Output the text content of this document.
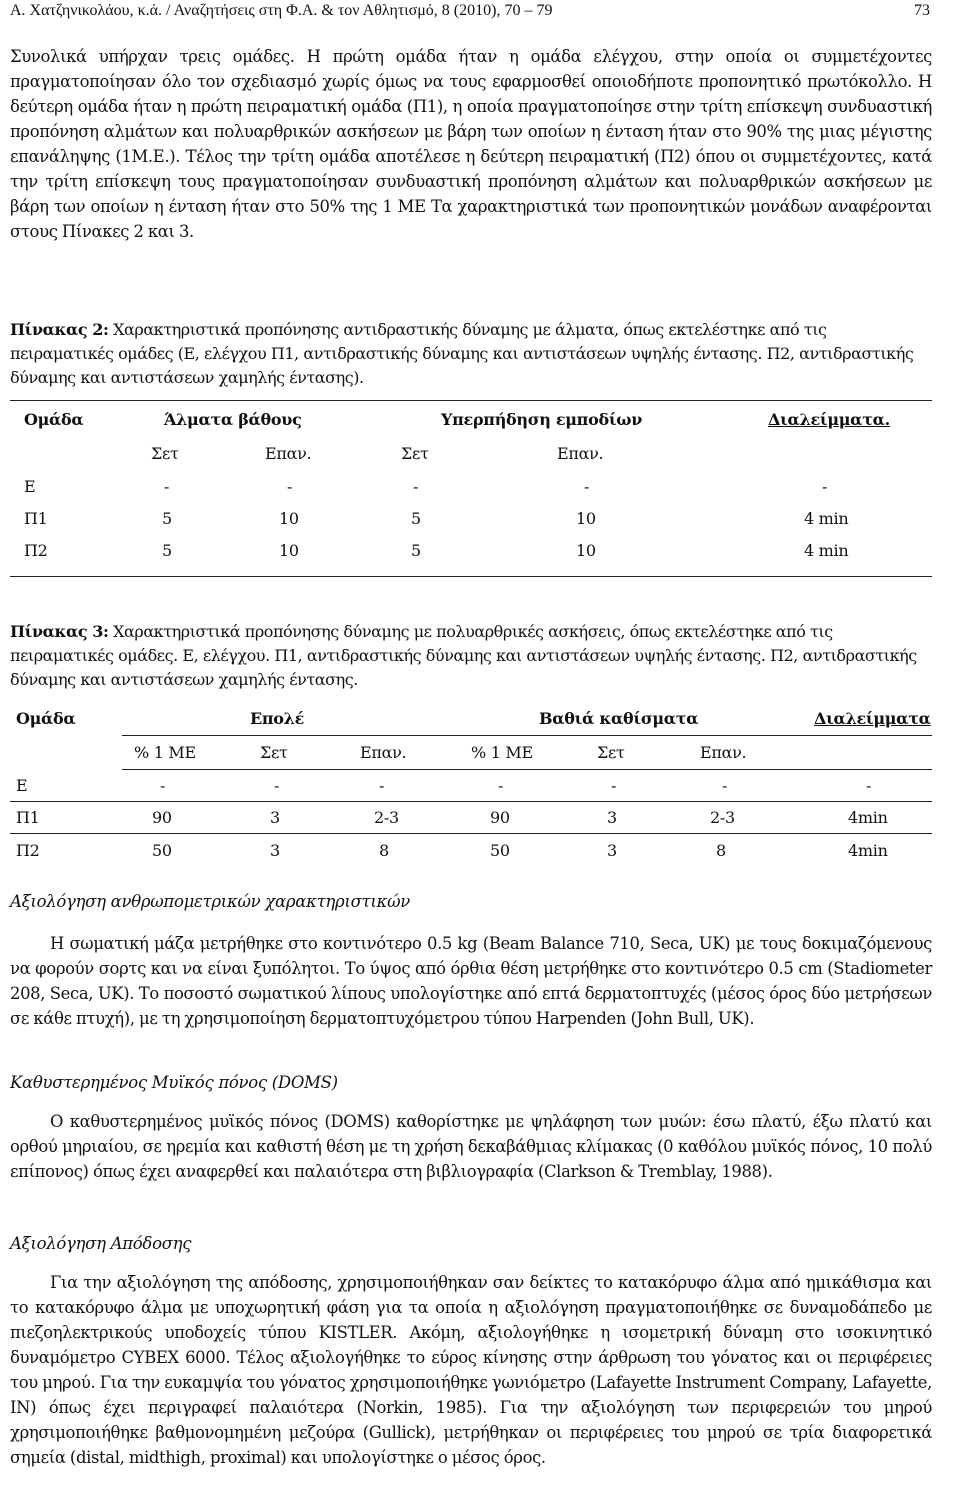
Α. Χατζηνικολάου, κ.ά. / Αναζητήσεις στη Φ.Α. & τον Αθλητισμό, 8 (2010), 70 – 79	73

Συνολικά υπήρχαν τρεις ομάδες. Η πρώτη ομάδα ήταν η ομάδα ελέγχου, στην οποία οι συμμετέχοντες πραγματοποίησαν όλο τον σχεδιασμό χωρίς όμως να τους εφαρμοσθεί οποιοδήποτε προπονητικό πρωτόκολλο. Η δεύτερη ομάδα ήταν η πρώτη πειραματική ομάδα (Π1), η οποία πραγματοποίησε στην τρίτη επίσκεψη συνδυαστική προπόνηση αλμάτων και πολυαρθρικών ασκήσεων με βάρη των οποίων η ένταση ήταν στο 90% της μιας μέγιστης επανάληψης (1Μ.Ε.). Τέλος την τρίτη ομάδα αποτέλεσε η δεύτερη πειραματική (Π2) όπου οι συμμετέχοντες, κατά την τρίτη επίσκεψη τους πραγματοποίησαν συνδυαστική προπόνηση αλμάτων και πολυαρθρικών ασκήσεων με βάρη των οποίων η ένταση ήταν στο 50% της 1 ΜΕ Τα χαρακτηριστικά των προπονητικών μονάδων αναφέρονται στους Πίνακες 2 και 3.

Πίνακας 2: Χαρακτηριστικά προπόνησης αντιδραστικής δύναμης με άλματα, όπως εκτελέστηκε από τις πειραματικές ομάδες (Ε, ελέγχου Π1, αντιδραστικής δύναμης και αντιστάσεων υψηλής έντασης. Π2, αντιδραστικής δύναμης και αντιστάσεων χαμηλής έντασης).
Ομάδα	Άλματα βάθους	Υπερπήδηση εμποδίων	Διαλείμματα.
Σετ	Επαν.	Σετ	Επαν.
Ε	-	-	-	-	-
Π1	5	10	5	10	4 min
Π2	5	10	5	10	4 min
Πίνακας 3: Χαρακτηριστικά προπόνησης δύναμης με πολυαρθρικές ασκήσεις, όπως εκτελέστηκε από τις πειραματικές ομάδες. Ε, ελέγχου. Π1, αντιδραστικής δύναμης και αντιστάσεων υψηλής έντασης. Π2, αντιδραστικής δύναμης και αντιστάσεων χαμηλής έντασης.
Ομάδα	Επολέ	Βαθιά καθίσματα	Διαλείμματα
% 1 ΜΕ	Σετ	Επαν.	% 1 ΜΕ	Σετ	Επαν.
Ε	-	-	-	-	-	-	-
Π1	90	3	2-3	90	3	2-3	4min
Π2	50	3	8	50	3	8	4min
Αξιολόγηση ανθρωπομετρικών χαρακτηριστικών

Η σωματική μάζα μετρήθηκε στο κοντινότερο 0.5 kg (Beam Balance 710, Seca, UK) με τους δοκιμαζόμενους να φορούν σορτς και να είναι ξυπόλητοι. Το ύψος από όρθια θέση μετρήθηκε στο κοντινότερο 0.5 cm (Stadiometer 208, Seca, UK). Το ποσοστό σωματικού λίπους υπολογίστηκε από επτά δερματοπτυχές (μέσος όρος δύο μετρήσεων σε κάθε πτυχή), με τη χρησιμοποίηση δερματοπτυχόμετρου τύπου Harpenden (John Bull, UK).

Καθυστερημένος Μυϊκός πόνος (DOMS)

Ο καθυστερημένος μυϊκός πόνος (DOMS) καθορίστηκε με ψηλάφηση των μυών: έσω πλατύ, έξω πλατύ και ορθού μηριαίου, σε ηρεμία και καθιστή θέση με τη χρήση δεκαβάθμιας κλίμακας (0 καθόλου μυϊκός πόνος, 10 πολύ επίπονος) όπως έχει αναφερθεί και παλαιότερα στη βιβλιογραφία (Clarkson & Tremblay, 1988).

Αξιολόγηση Απόδοσης

Για την αξιολόγηση της απόδοσης, χρησιμοποιήθηκαν σαν δείκτες το κατακόρυφο άλμα από ημικάθισμα και το κατακόρυφο άλμα με υποχωρητική φάση για τα οποία η αξιολόγηση πραγματοποιήθηκε σε δυναμοδάπεδο με πιεζοηλεκτρικούς υποδοχείς τύπου KISTLER. Ακόμη, αξιολογήθηκε η ισομετρική δύναμη στο ισοκινητικό δυναμόμετρο CYBEX 6000. Τέλος αξιολογήθηκε το εύρος κίνησης στην άρθρωση του γόνατος και οι περιφέρειες του μηρού. Για την ευκαμψία του γόνατος χρησιμοποιήθηκε γωνιόμετρο (Lafayette Instrument Company, Lafayette, IN) όπως έχει περιγραφεί παλαιότερα (Norkin, 1985). Για την αξιολόγηση των περιφερειών του μηρού χρησιμοποιήθηκε βαθμονομημένη μεζούρα (Gullick), μετρήθηκαν οι περιφέρειες του μηρού σε τρία διαφορετικά σημεία (distal, midthigh, proximal) και υπολογίστηκε ο μέσος όρος.
